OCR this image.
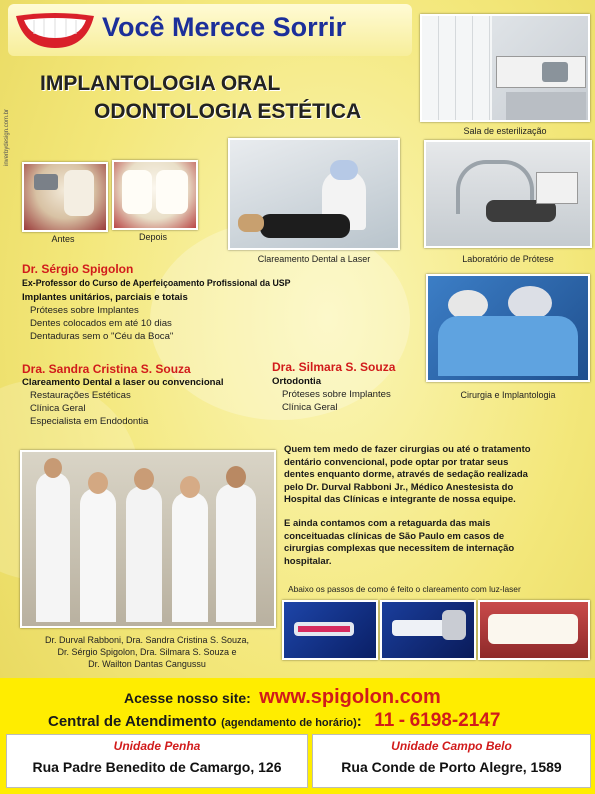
Você Merece Sorrir
inverbydesign.com.br
IMPLANTOLOGIA ORAL
ODONTOLOGIA ESTÉTICA
Sala de esterilização
Antes	Depois
Clareamento Dental a Laser	Laboratório de Prótese
Cirurgia e Implantologia
Dr. Sérgio Spigolon
Ex-Professor do Curso de Aperfeiçoamento Profissional da USP
Implantes unitários, parciais e totais
Próteses sobre Implantes
Dentes colocados em até 10 dias
Dentaduras sem o "Céu da Boca"
Dra. Sandra Cristina S. Souza
Clareamento Dental a laser ou convencional
Restaurações Estéticas
Clínica Geral
Especialista em Endodontia
Dra. Silmara S. Souza
Ortodontia
Próteses sobre Implantes
Clínica Geral
Dr. Durval Rabboni, Dra. Sandra Cristina S. Souza,
Dr. Sérgio Spigolon, Dra. Silmara S. Souza e
Dr. Wailton Dantas Cangussu
Quem tem medo de fazer cirurgias ou até o tratamento
dentário convencional, pode optar por tratar seus
dentes enquanto dorme, através de sedação realizada
pelo Dr. Durval Rabboni Jr., Médico Anestesista do
Hospital das Clínicas e integrante de nossa equipe.
E ainda contamos com a retaguarda das mais
conceituadas clínicas de São Paulo em casos de
cirurgias complexas que necessitem de internação
hospitalar.
Abaixo os passos de como é feito o clareamento com luz-laser
Acesse nosso site: www.spigolon.com
Central de Atendimento (agendamento de horário): 11 - 6198-2147
Unidade Penha
Rua Padre Benedito de Camargo, 126
Unidade Campo Belo
Rua Conde de Porto Alegre, 1589
